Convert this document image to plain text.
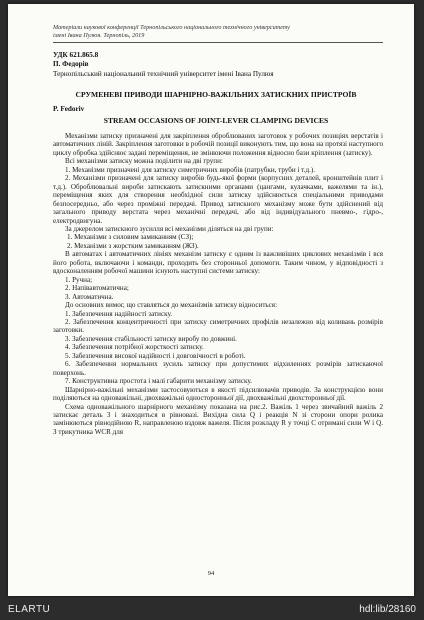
Матеріали наукової конференції Тернопільського національного технічного університету
імені Івана Пулюя. Тернопіль, 2019
УДК 621.865.8
П. Федорів
Тернопільський національний технічний університет імені Івана Пулюя
СРУМЕНЕВІ ПРИВОДИ ШАРНІРНО-ВАЖІЛЬНИХ ЗАТИСКНИХ ПРИСТРОЇВ
P. Fedoriv
STREAM OCCASIONS OF JOINT-LEVER CLAMPING DEVICES

Механізми затиску призначені для закріплення оброблюваних заготовок у робочих позиціях верстатів і автоматичних ліній. Закріплення заготовки в робочій позиції виконують тим, що вона на протязі наступного циклу обробка здійснює задані переміщення, не змінюючи положення відносно бази кріплення (затиску).

Всі механізми затиску можна поділити на дві групи:

1. Механізми призначені для затиску симетричних виробів (патрубки, труби і т.д.).

2. Механізми призначені для затиску виробів будь-якої форми (корпусних деталей, кронштейнів плит і т.д.). Оброблювальні вироби затискають затискними органами (цангами, кулачками, важелями та ін.), переміщення яких для створення необхідної сили затиску здійснюється спеціальними приводами безпосередньо, або через проміжні передачі. Привод затискного механізму може бути здійснений від загального приводу верстата через механічні передачі, або від індивідуального пневмо-, гідро-, електродвигуна.

За джерелом затискного зусилля всі механізми діляться на дві групи:

1. Механізми з силовим замиканням (СЗ);

2. Механізми з жорстким замиканням (ЖЗ).

В автоматах і автоматичних лініях механізм затиску є одним із важливіших циклових механізмів і вся його робота, включаючи і команди, проходить без сторонньої допомоги. Таким чином, у відповідності з вдосконаленням робочої машини існують наступні системи затиску:

1. Ручна;

2. Напівавтоматична;

3. Автоматична.

До основних вимог, що ставляться до механізмів затиску відноситься:

1. Забезпечення надійності затиску.

2. Забезпечення концентричності при затиску симетричних профілів незалежно від коливань розмірів заготовки.

3. Забезпечення стабільності затиску виробу по довжині.

4. Забезпечення потрібної жорсткості затиску.

5. Забезпечення високої надійності і довговічності в роботі.

6. Забезпечення нормальних зусиль затиску при допустимих відхиленнях розмірів затискаючої поверхонь.

7. Конструктивна простота і малі габарити механізму затиску.

Шарнірно-важільні механізми застосовуються в якості підсилювачів приводів. За конструкцією вони поділяються на одноважільні, двохважільні односторонньої дії, двохважільні двохсторонньої дії.

Схема одноважільного шарнірного механізму показана на рис.2. Важіль 1 через звичайний важіль 2 затискає деталь 3 і знаходиться в рівновазі. Вихідна сила Q і реакція N зі сторони опори ролика замінюються рівнодійною R, направленою вздовж важеля. Після розкладу R у точці С отримані сили W і Q. З трикутника WCR для

94
ELARTU	hdl:lib/28160
